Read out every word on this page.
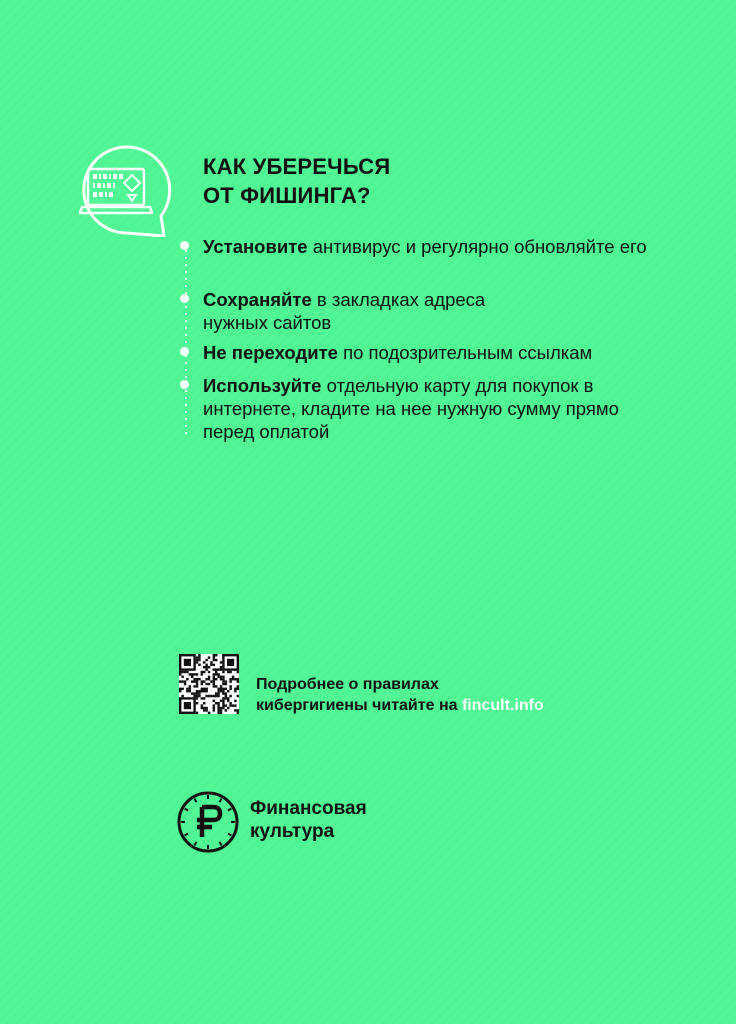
КАК УБЕРЕЧЬСЯ
ОТ ФИШИНГА?
Установите антивирус и регулярно обновляйте его
Сохраняйте в закладках адреса нужных сайтов
Не переходите по подозрительным ссылкам
Используйте отдельную карту для покупок в интернете, кладите на нее нужную сумму прямо перед оплатой
Подробнее о правилах
кибергигиены читайте на fincult.info
Финансовая
культура
